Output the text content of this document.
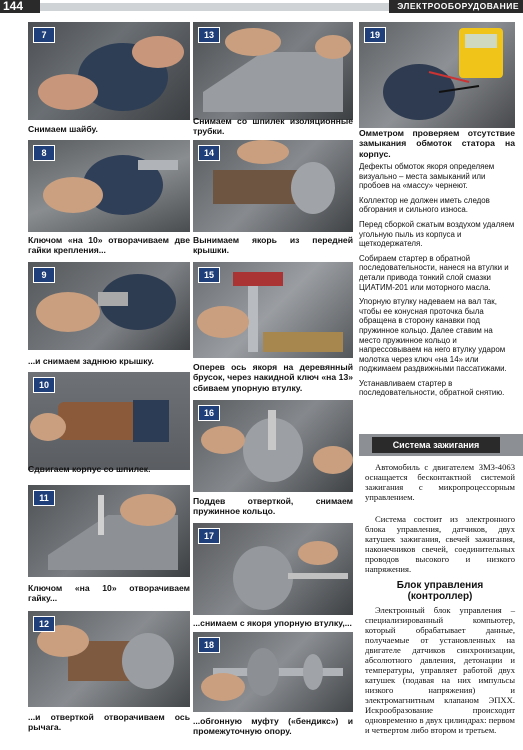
144	ЭЛЕКТРООБОРУДОВАНИЕ
7
Снимаем шайбу.
8
Ключом «на 10» отворачиваем две гайки крепления...
9
...и снимаем заднюю крышку.
10
Сдвигаем корпус со шпилек.
11
Ключом «на 10» отворачиваем гайку...
12
...и отверткой отворачиваем ось рычага.
13
Снимаем со шпилек изоляционные трубки.
14
Вынимаем якорь из передней крышки.
15
Оперев ось якоря на деревянный брусок, через накидной ключ «на 13» сбиваем упорную втулку.
16
Поддев отверткой, снимаем пружинное кольцо.
17
...снимаем с якоря упорную втулку,...
18
...обгонную муфту («бендикс») и промежуточную опору.
19
Омметром проверяем отсутствие замыкания обмоток статора на корпус.

Дефекты обмоток якоря определяем визуально – места замыканий или пробоев на «массу» чернеют.

Коллектор не должен иметь следов обгорания и сильного износа.

Перед сборкой сжатым воздухом удаляем угольную пыль из корпуса и щеткодержателя.

Собираем стартер в обратной последовательности, нанеся на втулки и детали привода тонкий слой смазки ЦИАТИМ-201 или моторного масла.

Упорную втулку надеваем на вал так, чтобы ее конусная проточка была обращена в сторону канавки под пружинное кольцо. Далее ставим на место пружинное кольцо и напрессовываем на него втулку ударом молотка через ключ «на 14» или поджимаем раздвижными пассатижами.

Устанавливаем стартер в последовательности, обратной снятию.

Система зажигания
Автомобиль с двигателем ЗМЗ-4063 оснащается бесконтактной системой зажигания с микропроцессорным управлением.
Система состоит из электронного блока управления, датчиков, двух катушек зажигания, свечей зажигания, наконечников свечей, соединительных проводов высокого и низкого напряжения.
Блок управления (контроллер)
Электронный блок управления – специализированный компьютер, который обрабатывает данные, получаемые от установленных на двигателе датчиков синхронизации, абсолютного давления, детонации и температуры, управляет работой двух катушек (подавая на них импульсы низкого напряжения) и электромагнитным клапаном ЭПХХ. Искрообразование происходит одновременно в двух цилиндрах: первом и четвертом либо втором и третьем.
